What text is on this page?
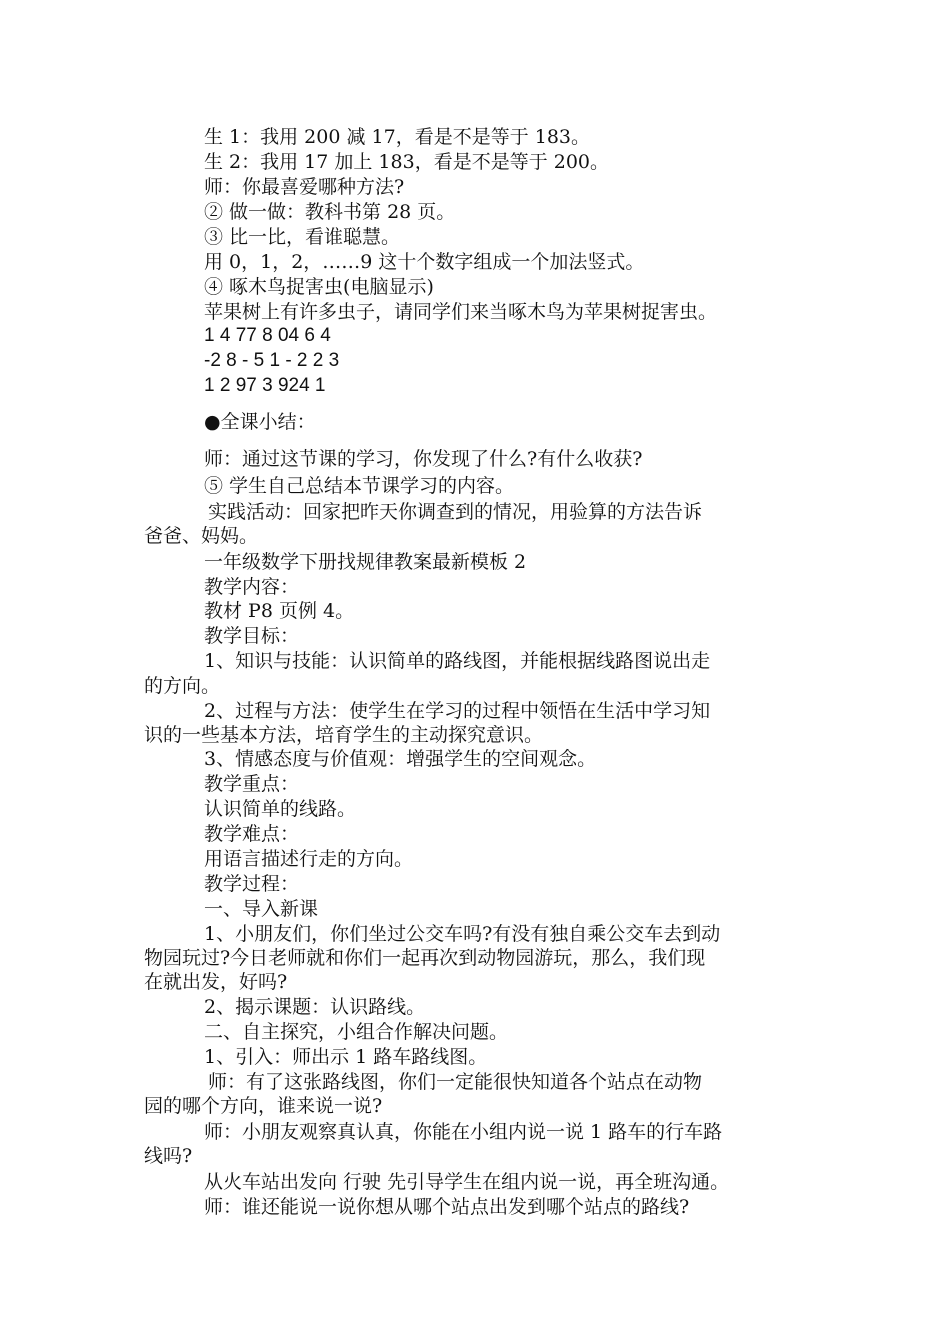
生 1：我用 200 减 17，看是不是等于 183。
生 2：我用 17 加上 183，看是不是等于 200。
师：你最喜爱哪种方法?
② 做一做：教科书第 28 页。
③ 比一比，看谁聪慧。
用 0，1，2，……9 这十个数字组成一个加法竖式。
④ 啄木鸟捉害虫(电脑显示)
苹果树上有许多虫子，请同学们来当啄木鸟为苹果树捉害虫。
1 4 77 8 04 6 4
-2 8 - 5 1 - 2 2 3
1 2 97 3 924 1
●全课小结：
师：通过这节课的学习，你发现了什么?有什么收获?
⑤ 学生自己总结本节课学习的内容。
实践活动：回家把昨天你调查到的情况，用验算的方法告诉
爸爸、妈妈。
一年级数学下册找规律教案最新模板 2
教学内容：
教材 P8 页例 4。
教学目标：
1、知识与技能：认识简单的路线图，并能根据线路图说出走
的方向。
2、过程与方法：使学生在学习的过程中领悟在生活中学习知
识的一些基本方法，培育学生的主动探究意识。
3、情感态度与价值观：增强学生的空间观念。
教学重点：
认识简单的线路。
教学难点：
用语言描述行走的方向。
教学过程：
一、导入新课
1、小朋友们，你们坐过公交车吗?有没有独自乘公交车去到动
物园玩过?今日老师就和你们一起再次到动物园游玩，那么，我们现
在就出发，好吗?
2、揭示课题：认识路线。
二、自主探究，小组合作解决问题。
1、引入：师出示 1 路车路线图。
师：有了这张路线图，你们一定能很快知道各个站点在动物
园的哪个方向，谁来说一说?
师：小朋友观察真认真，你能在小组内说一说 1 路车的行车路
线吗?
从火车站出发向 行驶 先引导学生在组内说一说，再全班沟通。
师：谁还能说一说你想从哪个站点出发到哪个站点的路线?
